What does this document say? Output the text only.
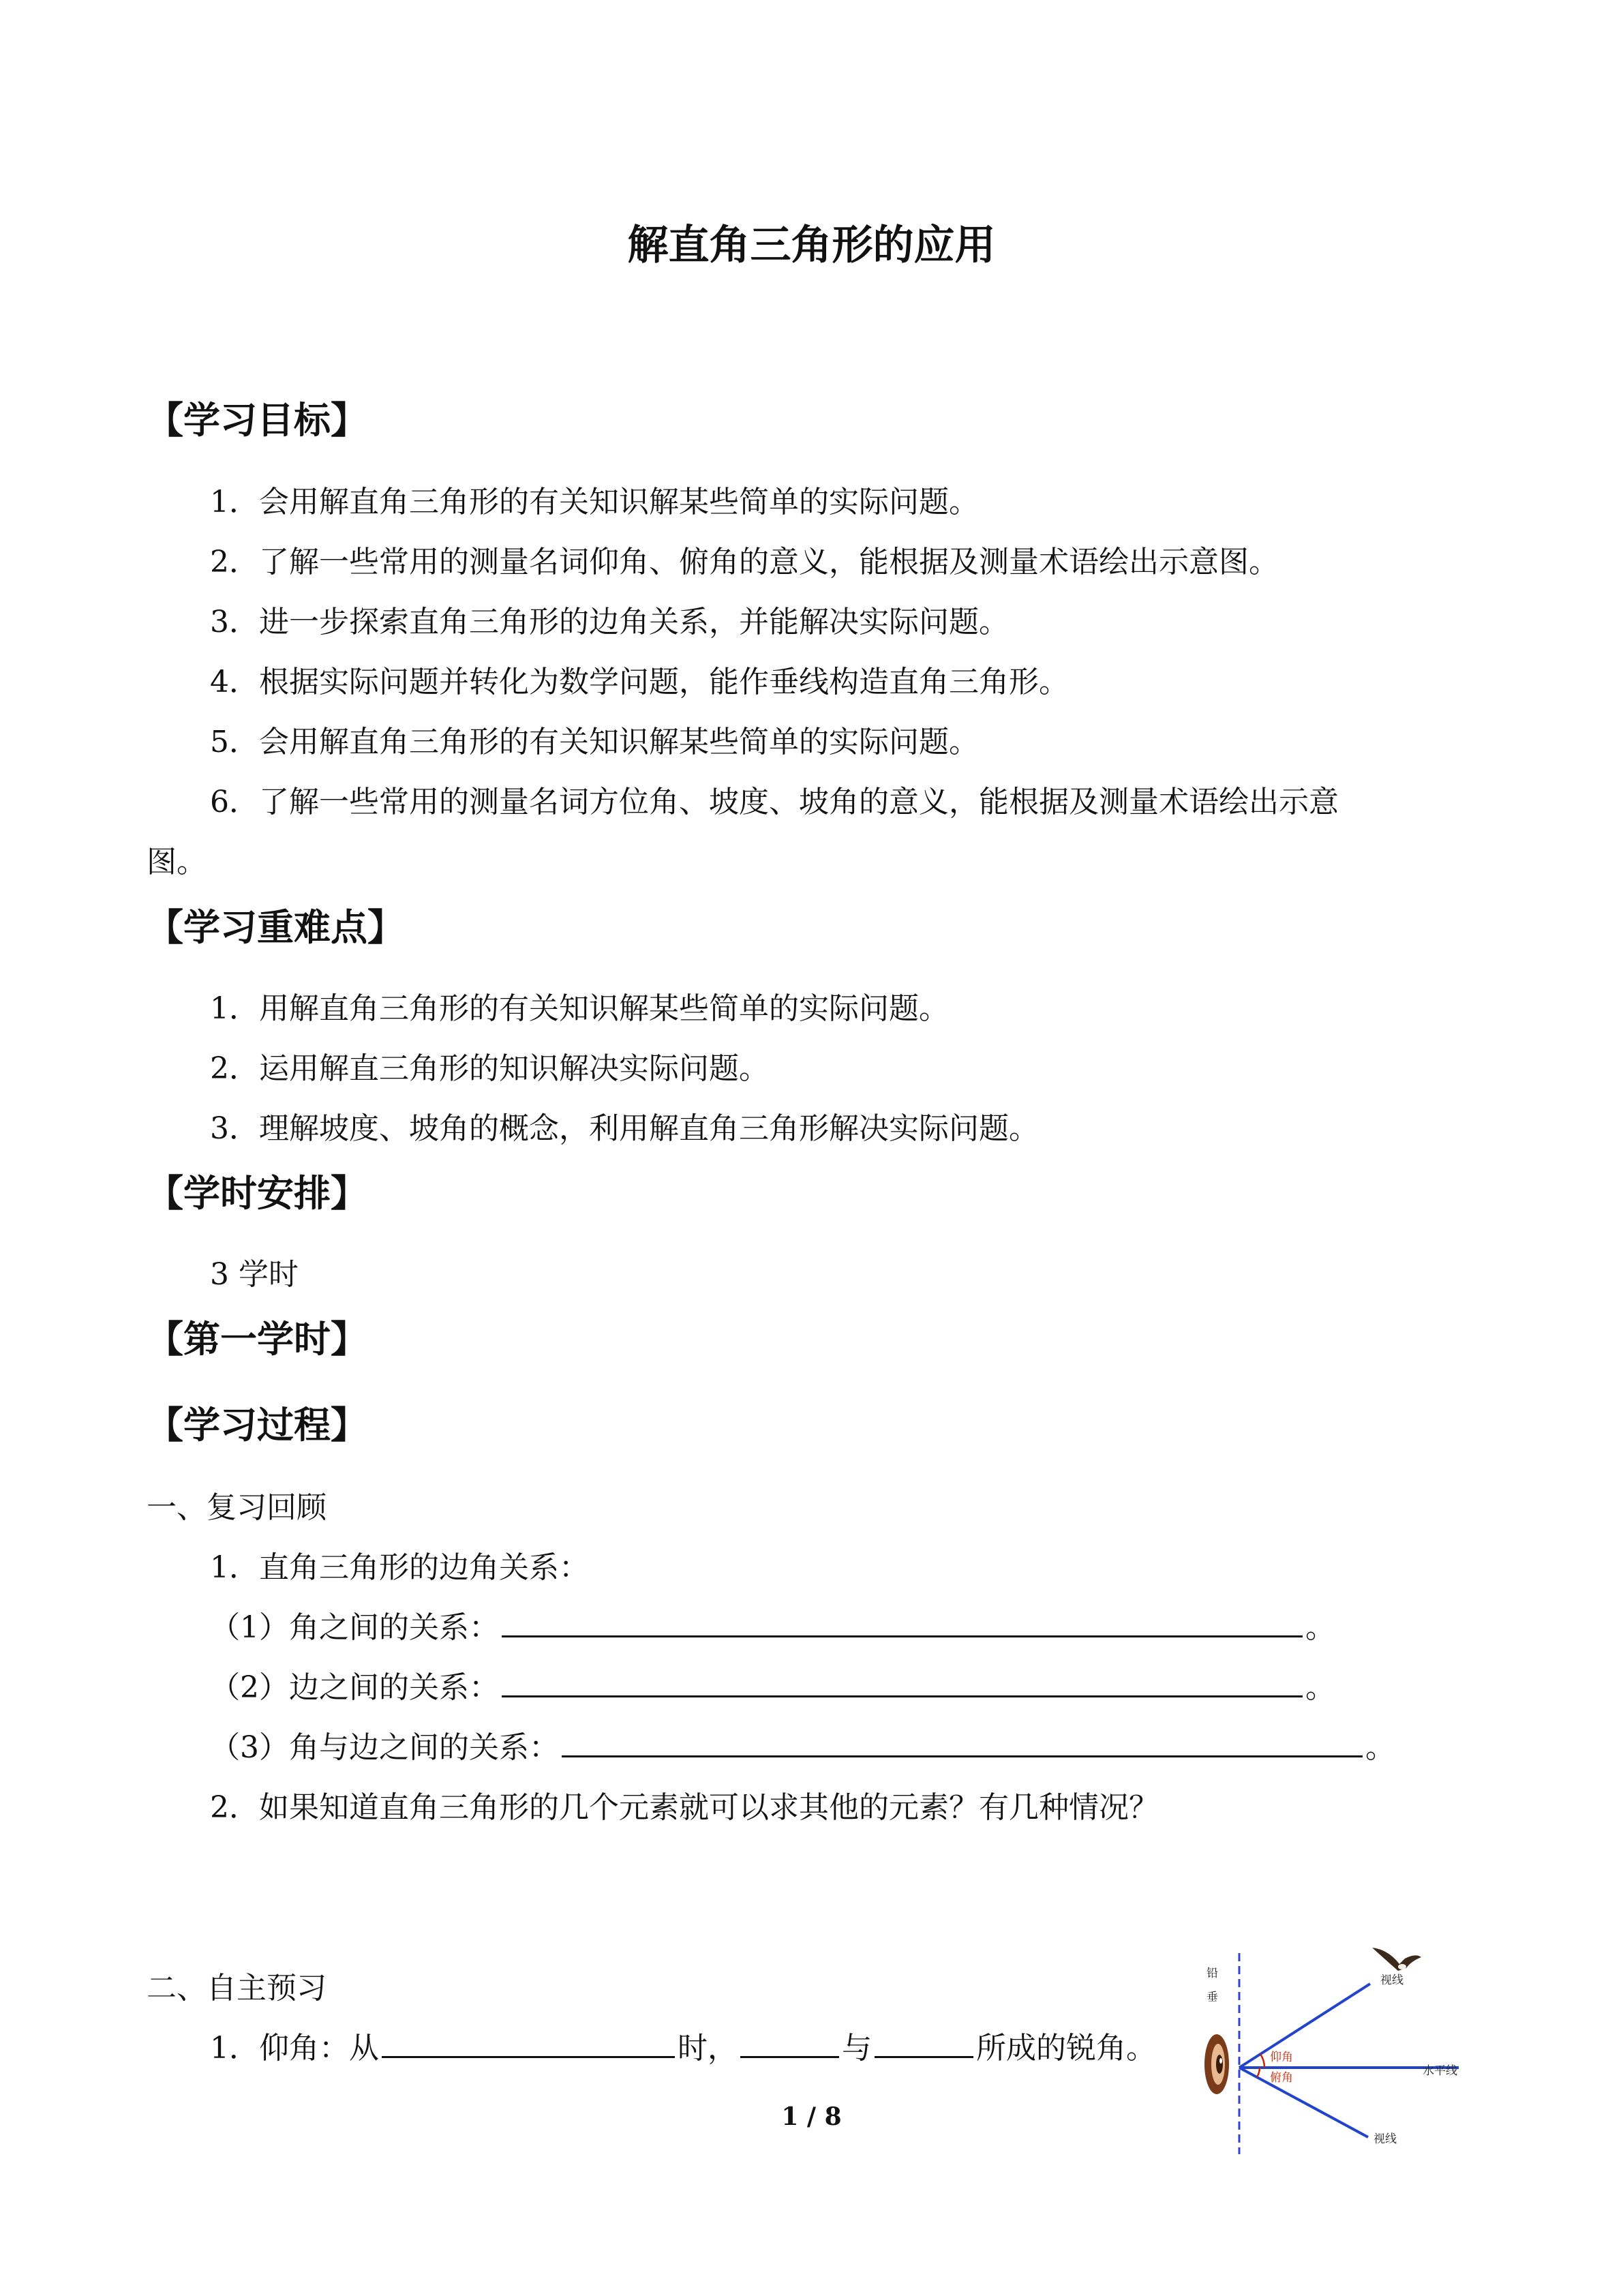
解直角三角形的应用
【学习目标】
1．会用解直角三角形的有关知识解某些简单的实际问题。
2．了解一些常用的测量名词仰角、俯角的意义，能根据及测量术语绘出示意图。
3．进一步探索直角三角形的边角关系，并能解决实际问题。
4．根据实际问题并转化为数学问题，能作垂线构造直角三角形。
5．会用解直角三角形的有关知识解某些简单的实际问题。
6．了解一些常用的测量名词方位角、坡度、坡角的意义，能根据及测量术语绘出示意
图。
【学习重难点】
1．用解直角三角形的有关知识解某些简单的实际问题。
2．运用解直三角形的知识解决实际问题。
3．理解坡度、坡角的概念，利用解直角三角形解决实际问题。
【学时安排】
3 学时
【第一学时】
【学习过程】
一、复习回顾
1．直角三角形的边角关系：
（1）角之间的关系：	。
（2）边之间的关系：	。
（3）角与边之间的关系：	。
2．如果知道直角三角形的几个元素就可以求其他的元素？有几种情况？
二、自主预习
1．仰角：从	时，	与	所成的锐角。
铅
垂
视线
水平线
视线
仰角
俯角
1 / 8
